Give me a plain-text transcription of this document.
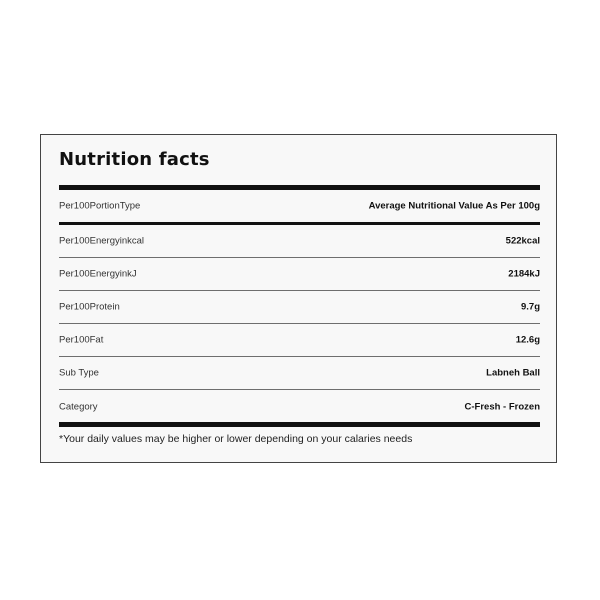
Nutrition facts
Per100PortionType	Average Nutritional Value As Per 100g
Per100Energyinkcal	522kcal
Per100EnergyinkJ	2184kJ
Per100Protein	9.7g
Per100Fat	12.6g
Sub Type	Labneh Ball
Category	C-Fresh - Frozen

*Your daily values may be higher or lower depending on your calaries needs
